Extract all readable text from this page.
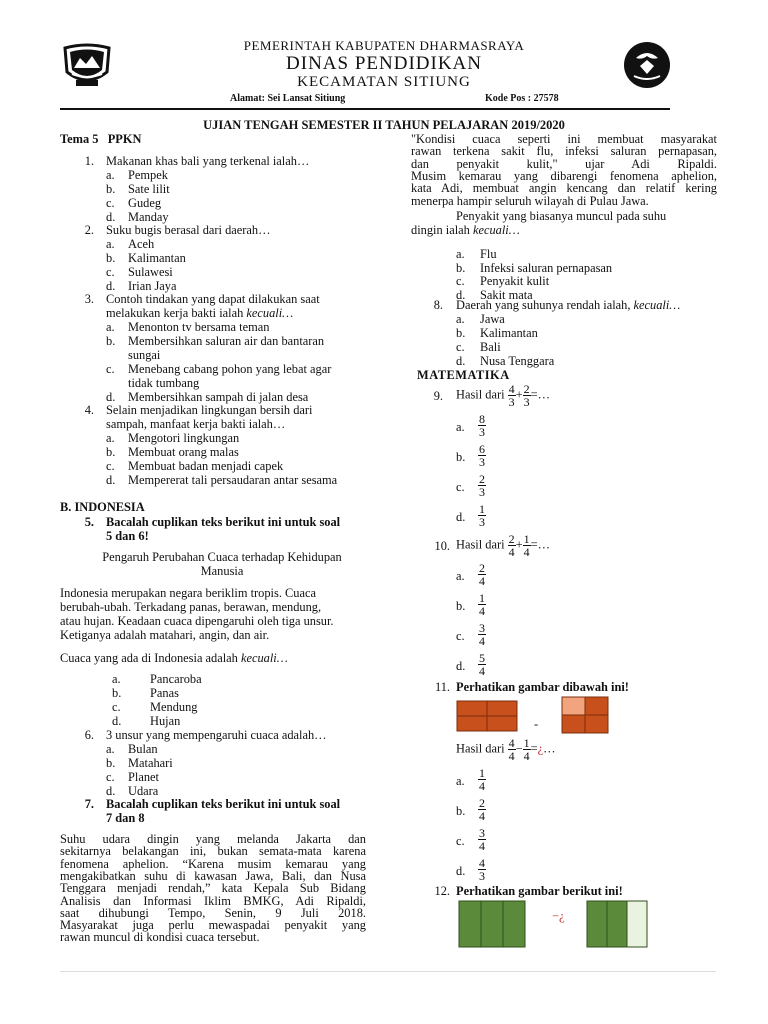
PEMERINTAH KABUPATEN DHARMASRAYA
DINAS PENDIDIKAN
KECAMATAN SITIUNG
Alamat: Sei Lansat Sitiung	Kode Pos : 27578
UJIAN TENGAH SEMESTER II TAHUN PELAJARAN 2019/2020
Tema 5   PPKN
1. Makanan khas bali yang terkenal ialah…
a. Pempek
b. Sate lilit
c. Gudeg
d. Manday
2. Suku bugis berasal dari daerah…
a. Aceh
b. Kalimantan
c. Sulawesi
d. Irian Jaya
3. Contoh tindakan yang dapat dilakukan saat
melakukan kerja bakti ialah kecuali…
a. Menonton tv bersama teman
b. Membersihkan saluran air dan bantaran
sungai
c. Menebang cabang pohon yang lebat agar
tidak tumbang
d. Membersihkan sampah di jalan desa
4. Selain menjadikan lingkungan bersih dari
sampah, manfaat kerja bakti ialah…
a. Mengotori lingkungan
b. Membuat orang malas
c. Membuat badan menjadi capek
d. Mempererat tali persaudaran antar sesama
B. INDONESIA
5. Bacalah cuplikan teks berikut ini untuk soal
5 dan 6!
Pengaruh Perubahan Cuaca terhadap Kehidupan
Manusia
Indonesia merupakan negara beriklim tropis. Cuaca
berubah-ubah. Terkadang panas, berawan, mendung,
atau hujan. Keadaan cuaca dipengaruhi oleh tiga unsur.
Ketiganya adalah matahari, angin, dan air.
Cuaca yang ada di Indonesia adalah kecuali…
a. Pancaroba
b. Panas
c. Mendung
d. Hujan
6. 3 unsur yang mempengaruhi cuaca adalah…
a. Bulan
b. Matahari
c. Planet
d. Udara
7. Bacalah cuplikan teks berikut ini untuk soal
7 dan 8
Suhu udara dingin yang melanda Jakarta dan
sekitarnya belakangan ini, bukan semata-mata karena
fenomena aphelion. “Karena musim kemarau yang
mengakibatkan suhu di kawasan Jawa, Bali, dan Nusa
Tenggara menjadi rendah,” kata Kepala Sub Bidang
Analisis dan Informasi Iklim BMKG, Adi Ripaldi,
saat dihubungi Tempo, Senin, 9 Juli 2018.
Masyarakat juga perlu mewaspadai penyakit yang
rawan muncul di kondisi cuaca tersebut.
"Kondisi cuaca seperti ini membuat masyarakat
rawan terkena sakit flu, infeksi saluran pernapasan,
dan penyakit kulit," ujar Adi Ripaldi.
Musim kemarau yang dibarengi fenomena aphelion,
kata Adi, membuat angin kencang dan relatif kering
menerpa hampir seluruh wilayah di Pulau Jawa.
Penyakit yang biasanya muncul pada suhu
dingin ialah kecuali…
a. Flu
b. Infeksi saluran pernapasan
c. Penyakit kulit
d. Sakit mata
8. Daerah yang suhunya rendah ialah, kecuali…
a. Jawa
b. Kalimantan
c. Bali
d. Nusa Tenggara
MATEMATIKA
9. Hasil dari $\frac{4}{3} + \frac{2}{3}$ =…
a. $\frac{8}{3}$
b. $\frac{6}{3}$
c. $\frac{2}{3}$
d. $\frac{1}{3}$
10. Hasil dari $\frac{2}{4} + \frac{1}{4}$ =…
a. $\frac{2}{4}$
b. $\frac{1}{4}$
c. $\frac{3}{4}$
d. $\frac{5}{4}$
11. Perhatikan gambar dibawah ini!
-
Hasil dari $\frac{4}{4} - \frac{1}{4}$ =¿…
a. $\frac{1}{4}$
b. $\frac{2}{4}$
c. $\frac{3}{4}$
d. $\frac{4}{3}$
12. Perhatikan gambar berikut ini!
−¿
